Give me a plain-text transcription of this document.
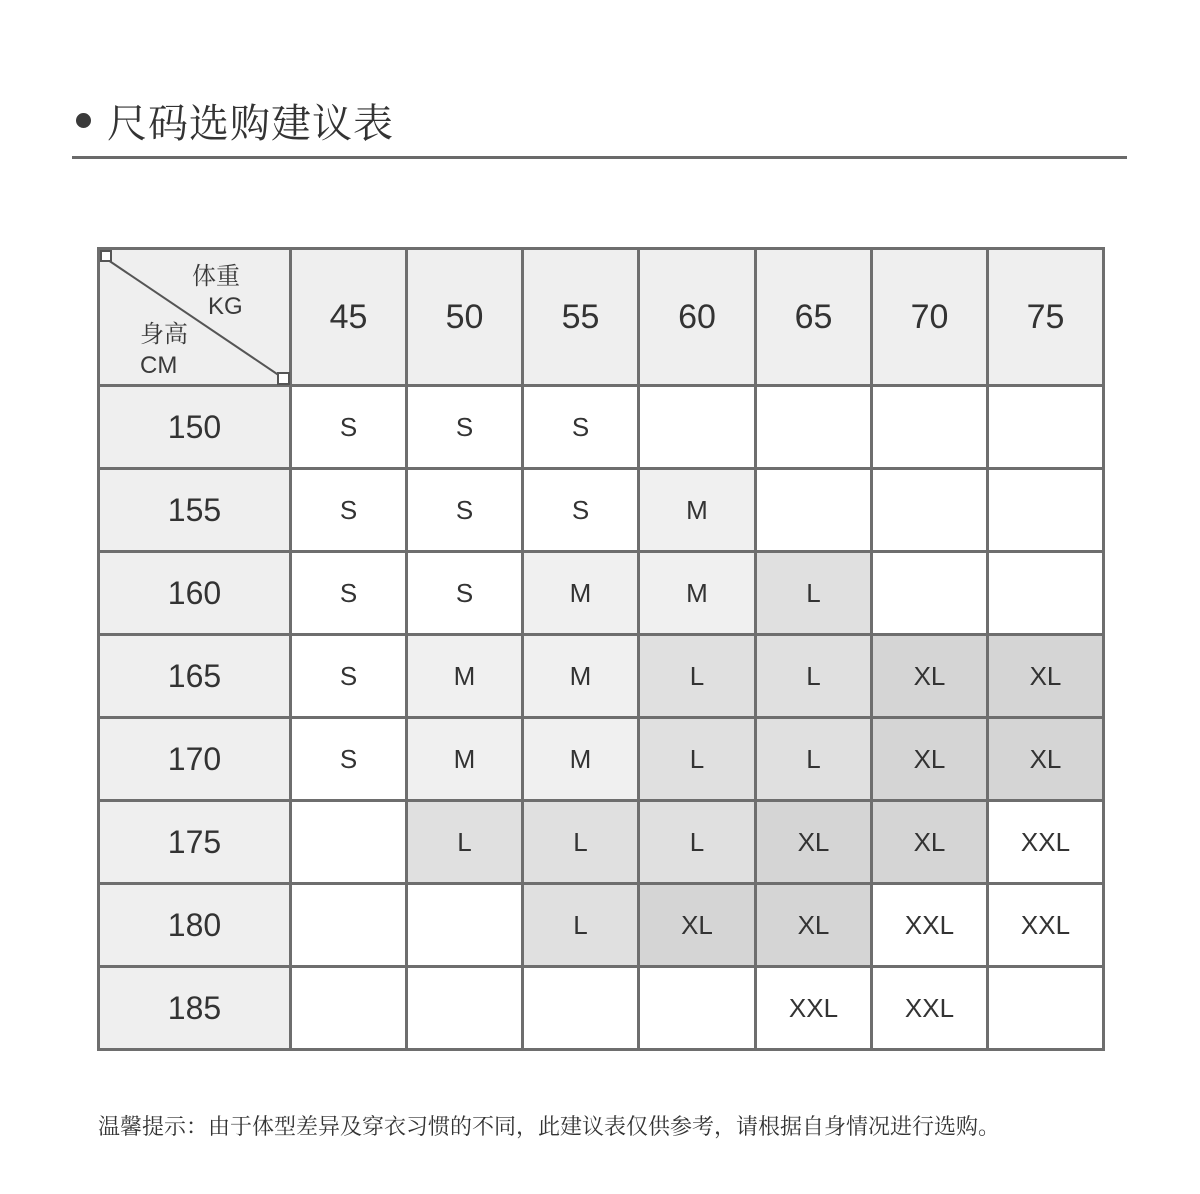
尺码选购建议表
体重
KG
身高
CM	45	50	55	60	65	70	75
150	S	S	S				
155	S	S	S	M			
160	S	S	M	M	L		
165	S	M	M	L	L	XL	XL
170	S	M	M	L	L	XL	XL
175		L	L	L	XL	XL	XXL
180			L	XL	XL	XXL	XXL
185					XXL	XXL	
温馨提示：由于体型差异及穿衣习惯的不同，此建议表仅供参考，请根据自身情况进行选购。
